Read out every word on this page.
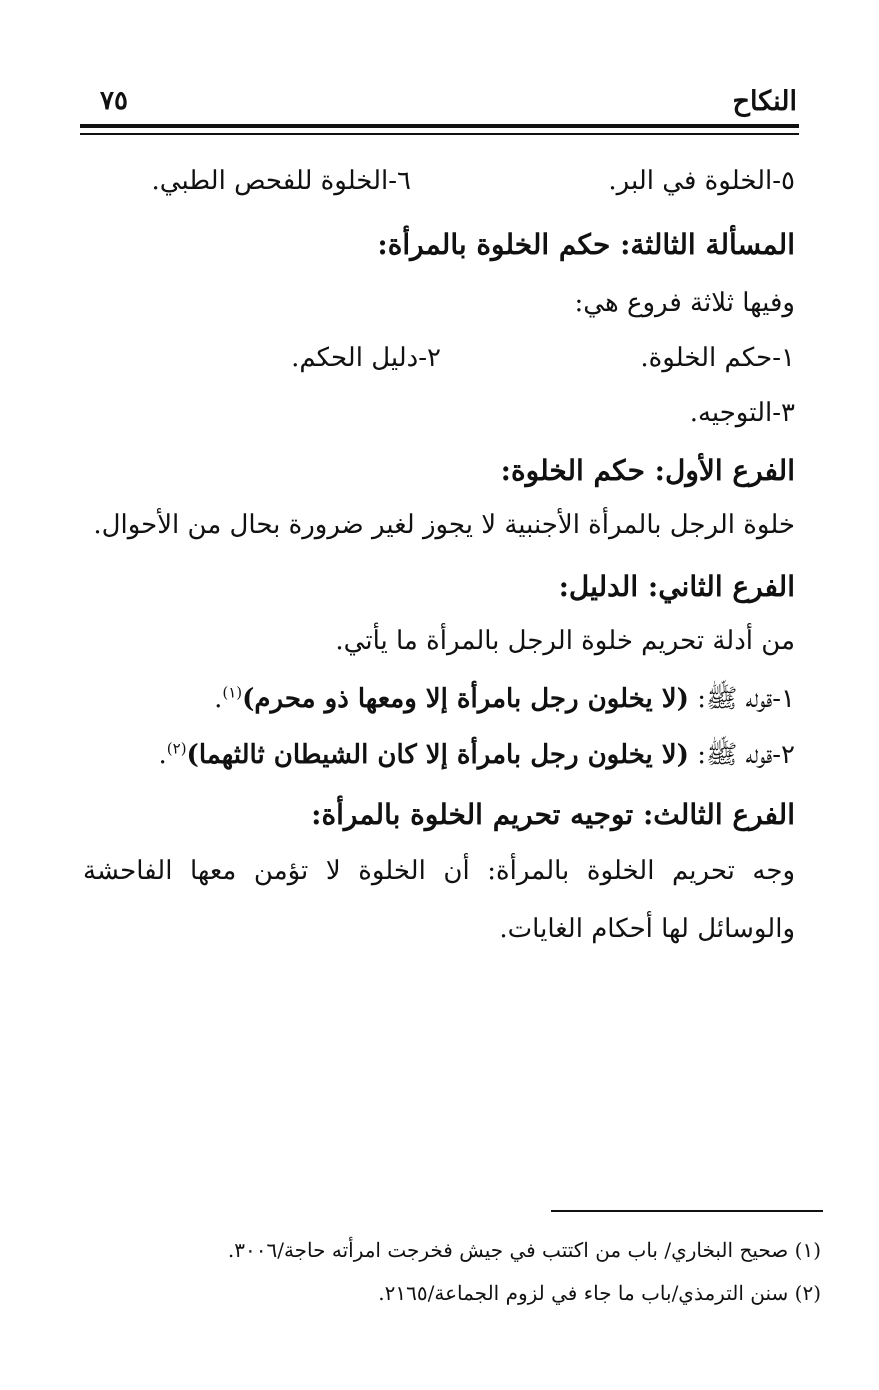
النكاح
٧٥
٥-الخلوة في البر.
٦-الخلوة للفحص الطبي.
المسألة الثالثة: حكم الخلوة بالمرأة:
وفيها ثلاثة فروع هي:
١-حكم الخلوة.
٢-دليل الحكم.
٣-التوجيه.
الفرع الأول: حكم الخلوة:
خلوة الرجل بالمرأة الأجنبية لا يجوز لغير ضرورة بحال من الأحوال.
الفرع الثاني: الدليل:
من أدلة تحريم خلوة الرجل بالمرأة ما يأتي.
١-قوله ﷺ: (لا يخلون رجل بامرأة إلا ومعها ذو محرم)$^{(١)}$.
٢-قوله ﷺ: (لا يخلون رجل بامرأة إلا كان الشيطان ثالثهما)$^{(٢)}$.
الفرع الثالث: توجيه تحريم الخلوة بالمرأة:
وجه تحريم الخلوة بالمرأة: أن الخلوة لا تؤمن معها الفاحشة والوسائل لها أحكام الغايات.
(١) صحيح البخاري/ باب من اكتتب في جيش فخرجت امرأته حاجة/٣٠٠٦.
(٢) سنن الترمذي/باب ما جاء في لزوم الجماعة/٢١٦٥.
